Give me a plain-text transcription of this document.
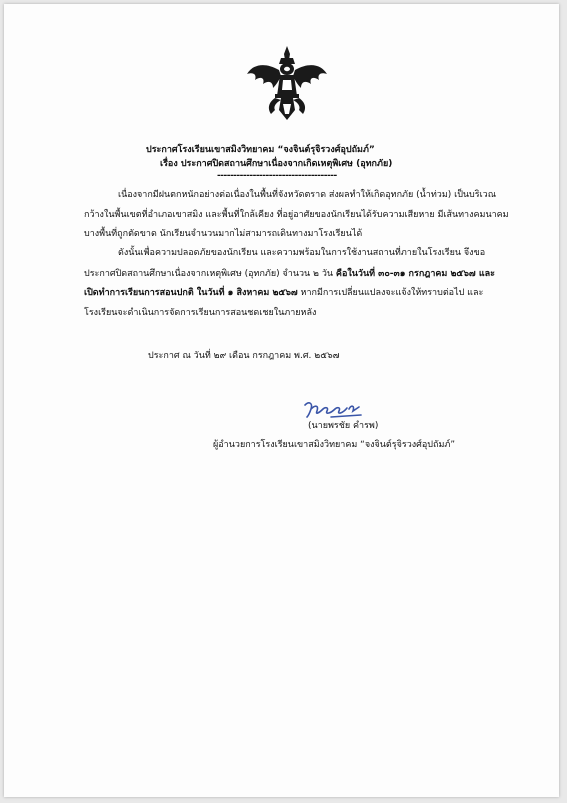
ประกาศโรงเรียนเขาสมิงวิทยาคม “จงจินต์รุจิรวงศ์อุปถัมภ์”
เรื่อง ประกาศปิดสถานศึกษาเนื่องจากเกิดเหตุพิเศษ (อุทกภัย)
-------------------------------------
เนื่องจากมีฝนตกหนักอย่างต่อเนื่องในพื้นที่จังหวัดตราด ส่งผลทำให้เกิดอุทกภัย (น้ำท่วม) เป็นบริเวณ
กว้างในพื้นเขตที่อำเภอเขาสมิง และพื้นที่ใกล้เคียง ที่อยู่อาศัยของนักเรียนได้รับความเสียหาย มีเส้นทางคมนาคม
บางพื้นที่ถูกตัดขาด นักเรียนจำนวนมากไม่สามารถเดินทางมาโรงเรียนได้
ดังนั้นเพื่อความปลอดภัยของนักเรียน และความพร้อมในการใช้งานสถานที่ภายในโรงเรียน จึงขอ
ประกาศปิดสถานศึกษาเนื่องจากเหตุพิเศษ (อุทกภัย) จำนวน ๒ วัน คือในวันที่ ๓๐-๓๑ กรกฎาคม ๒๕๖๗ และ
เปิดทำการเรียนการสอนปกติ ในวันที่ ๑ สิงหาคม ๒๕๖๗ หากมีการเปลี่ยนแปลงจะแจ้งให้ทราบต่อไป และ
โรงเรียนจะดำเนินการจัดการเรียนการสอนชดเชยในภายหลัง
ประกาศ ณ วันที่ ๒๙ เดือน กรกฎาคม พ.ศ. ๒๕๖๗
(นายพรชัย คำรพ)
ผู้อำนวยการโรงเรียนเขาสมิงวิทยาคม “จงจินต์รุจิรวงศ์อุปถัมภ์”
